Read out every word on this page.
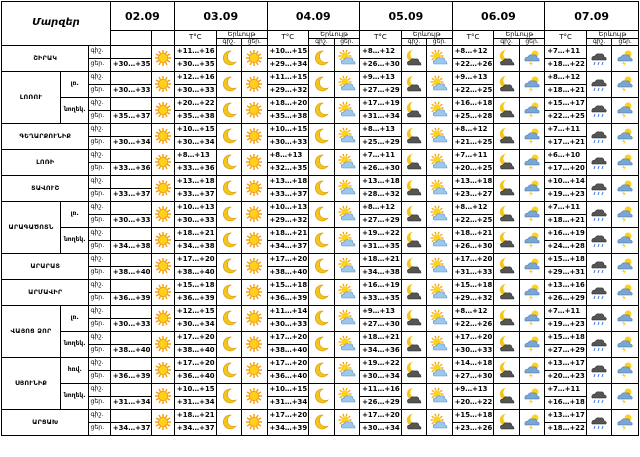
Մարզեր			02.09		03.09			04.09			05.09			06.09			07.09		
					T°C	Երևույթ		T°C	Երևույթ		T°C	Երևույթ		T°C	Երևույթ		T°C	Երևույթ	
						գիշ.	ցեր.		գիշ.	ցեր.		գիշ.	ցեր.		գիշ.	ցեր.		գիշ.	ցեր.
ՇԻՐԱԿ		գիշ.			+11…+16			+10…+15			+8…+12			+8…+12			+7…+11	

		ցեր.	+30…+35		+30…+35			+29…+34			+26…+30			+22…+26			+18…+22		
ԼՈՌՈՒ	լռ.	գիշ.			+12…+16			+11…+15			+9…+13			+9…+13			+8…+12	

		ցեր.	+30…+33		+30…+33			+29…+32			+27…+29			+22…+25			+18…+21		
	նողեկ.	գիշ.			+20…+22			+18…+20			+17…+19			+16…+18			+15…+17	

		ցեր.	+35…+37		+35…+38			+35…+38			+31…+34			+25…+28			+22…+25		
ԳԵՂԱՐՔՈՒՆԻՔ		գիշ.			+10…+15			+10…+15			+8…+13			+8…+12			+7…+11	

		ցեր.	+30…+34		+30…+34			+30…+33			+25…+29			+21…+25			+17…+21		
ԼՈՌԻ		գիշ.			+8…+13			+8…+13			+7…+11			+7…+11			+6…+10	

		ցեր.	+33…+36		+33…+36			+32…+35			+26…+30			+20…+25			+17…+20		
ՏԱՎՈՒՇ		գիշ.			+13…+18			+13…+18			+13…+18			+13…+18			+10…+14	

		ցեր.	+33…+37		+33…+37			+33…+37			+28…+32			+23…+27			+19…+23		
ԱՐԱԳԱԾՈՏՆ	լռ.	գիշ.			+10…+13			+10…+13			+8…+12			+8…+12			+7…+11	

		ցեր.	+30…+33		+30…+33			+29…+32			+27…+29			+22…+25			+18…+21		
	նողեկ.	գիշ.			+18…+21			+18…+21			+19…+22			+18…+21			+16…+19	

		ցեր.	+34…+38		+34…+38			+34…+37			+31…+35			+26…+30			+24…+28		
ԱՐԱՐԱՏ		գիշ.			+17…+20			+17…+20			+18…+21			+17…+20			+15…+18	

		ցեր.	+38…+40		+38…+40			+38…+40			+34…+38			+31…+33			+29…+31		
ԱՐՄԱՎԻՐ		գիշ.			+15…+18			+15…+18			+16…+19			+15…+18			+13…+16	

		ցեր.	+36…+39		+36…+39			+36…+39			+33…+35			+29…+32			+26…+29		
ՎԱՅՈՑ ՁՈՐ	լռ.	գիշ.			+12…+15			+11…+14			+9…+13			+8…+12			+7…+11	

		ցեր.	+30…+33		+30…+34			+30…+33			+27…+30			+22…+26			+19…+23		
	նողեկ.	գիշ.			+17…+20			+17…+20			+18…+21			+17…+20			+15…+18	

		ցեր.	+38…+40		+38…+40			+38…+40			+34…+36			+30…+33			+27…+29		
ՍՅՈՒՆԻՔ	հռվ.	գիշ.			+17…+20			+17…+20			+19…+22			+14…+18			+13…+17	

		ցեր.	+36…+39		+36…+40			+36…+40			+30…+34			+27…+30			+20…+23		
	նողեկ.	գիշ.			+10…+15			+10…+15			+11…+16			+9…+13			+7…+11	

		ցեր.	+31…+34		+31…+34			+31…+34			+26…+29			+20…+22			+16…+18		
ԱՐՑԱԽ		գիշ.			+18…+21			+17…+20			+17…+20			+15…+18			+13…+17	

		ցեր.	+34…+37		+34…+37			+34…+39			+30…+34			+23…+26			+18…+22		
